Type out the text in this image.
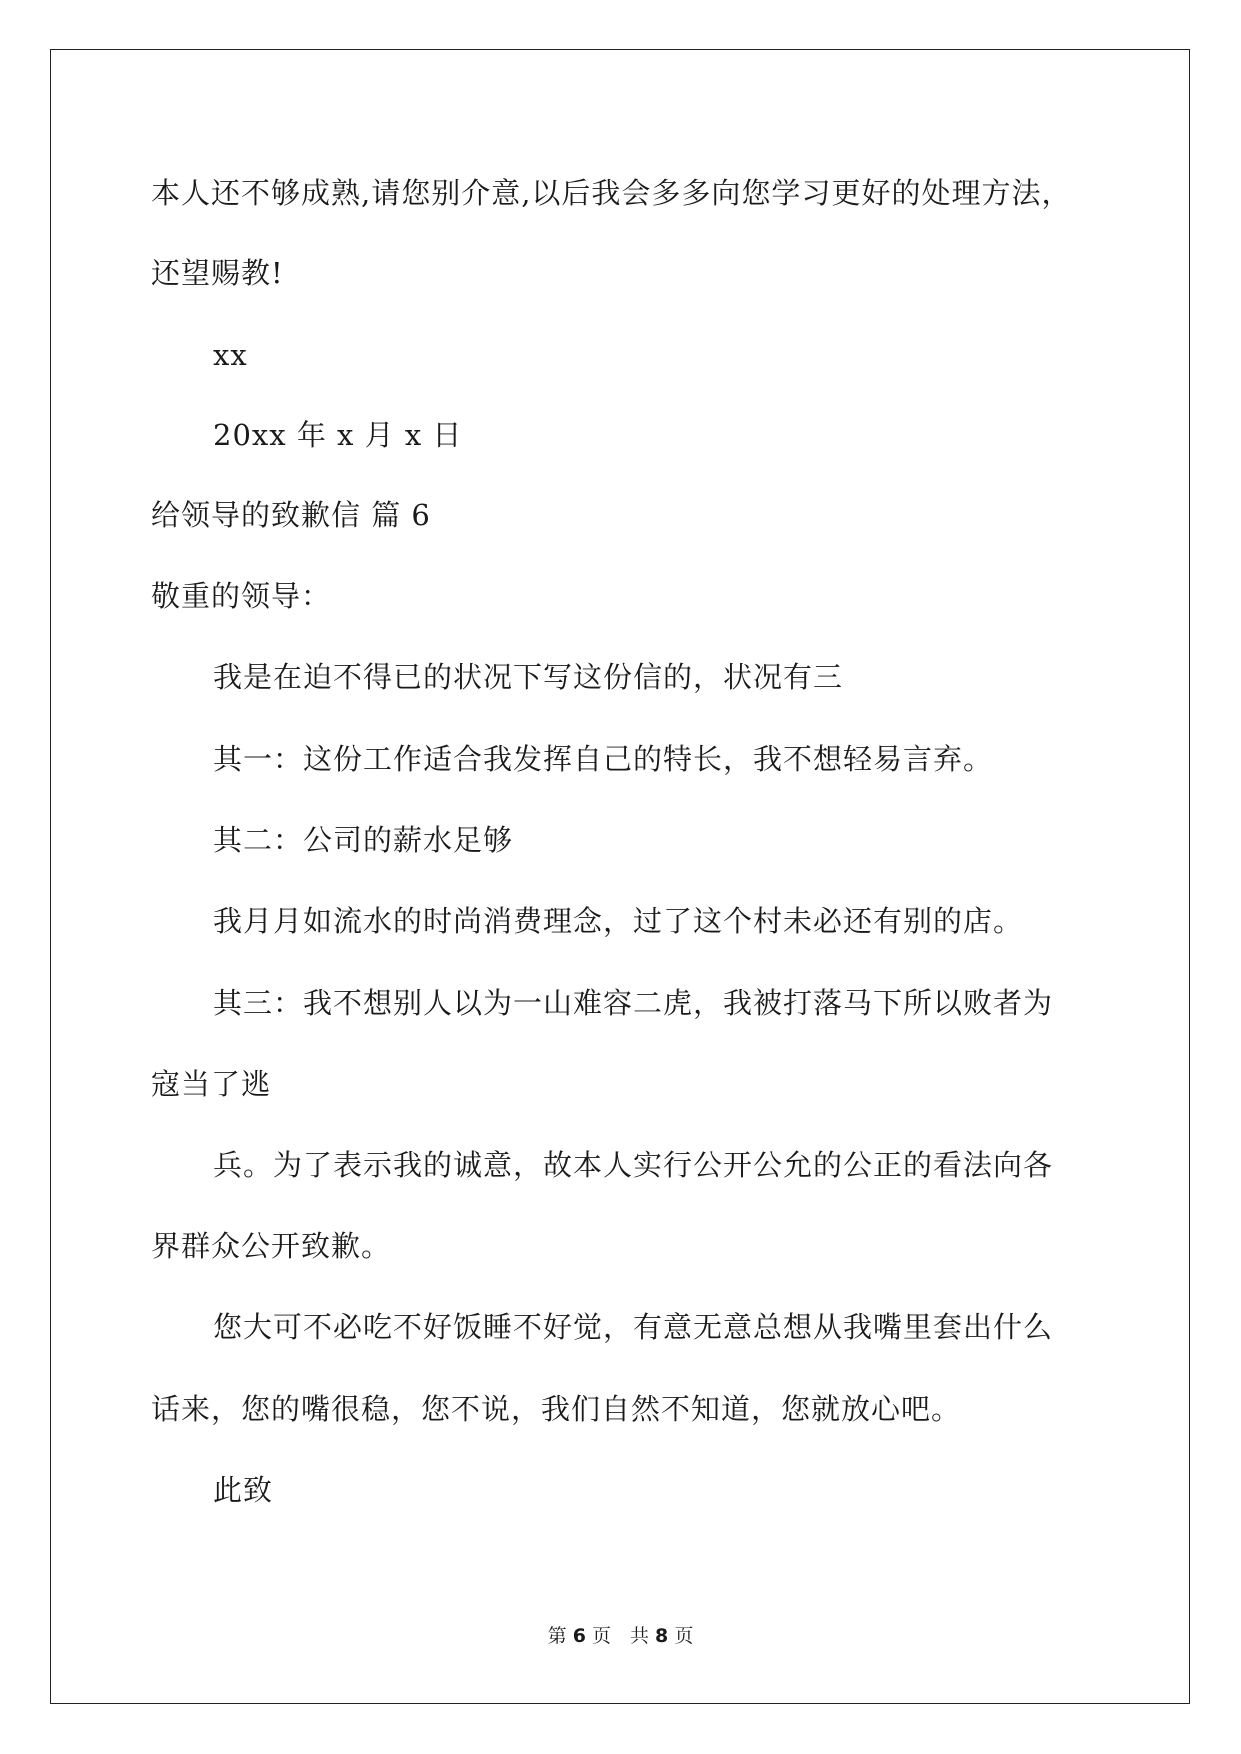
本人还不够成熟,请您别介意,以后我会多多向您学习更好的处理方法，
还望赐教!
xx
20xx 年 x 月 x 日
给领导的致歉信 篇 6
敬重的领导：
我是在迫不得已的状况下写这份信的，状况有三
其一：这份工作适合我发挥自己的特长，我不想轻易言弃。
其二：公司的薪水足够
我月月如流水的时尚消费理念，过了这个村未必还有别的店。
其三：我不想别人以为一山难容二虎，我被打落马下所以败者为
寇当了逃
兵。为了表示我的诚意，故本人实行公开公允的公正的看法向各
界群众公开致歉。
您大可不必吃不好饭睡不好觉，有意无意总想从我嘴里套出什么
话来，您的嘴很稳，您不说，我们自然不知道，您就放心吧。
此致
第 6 页　共 8 页
